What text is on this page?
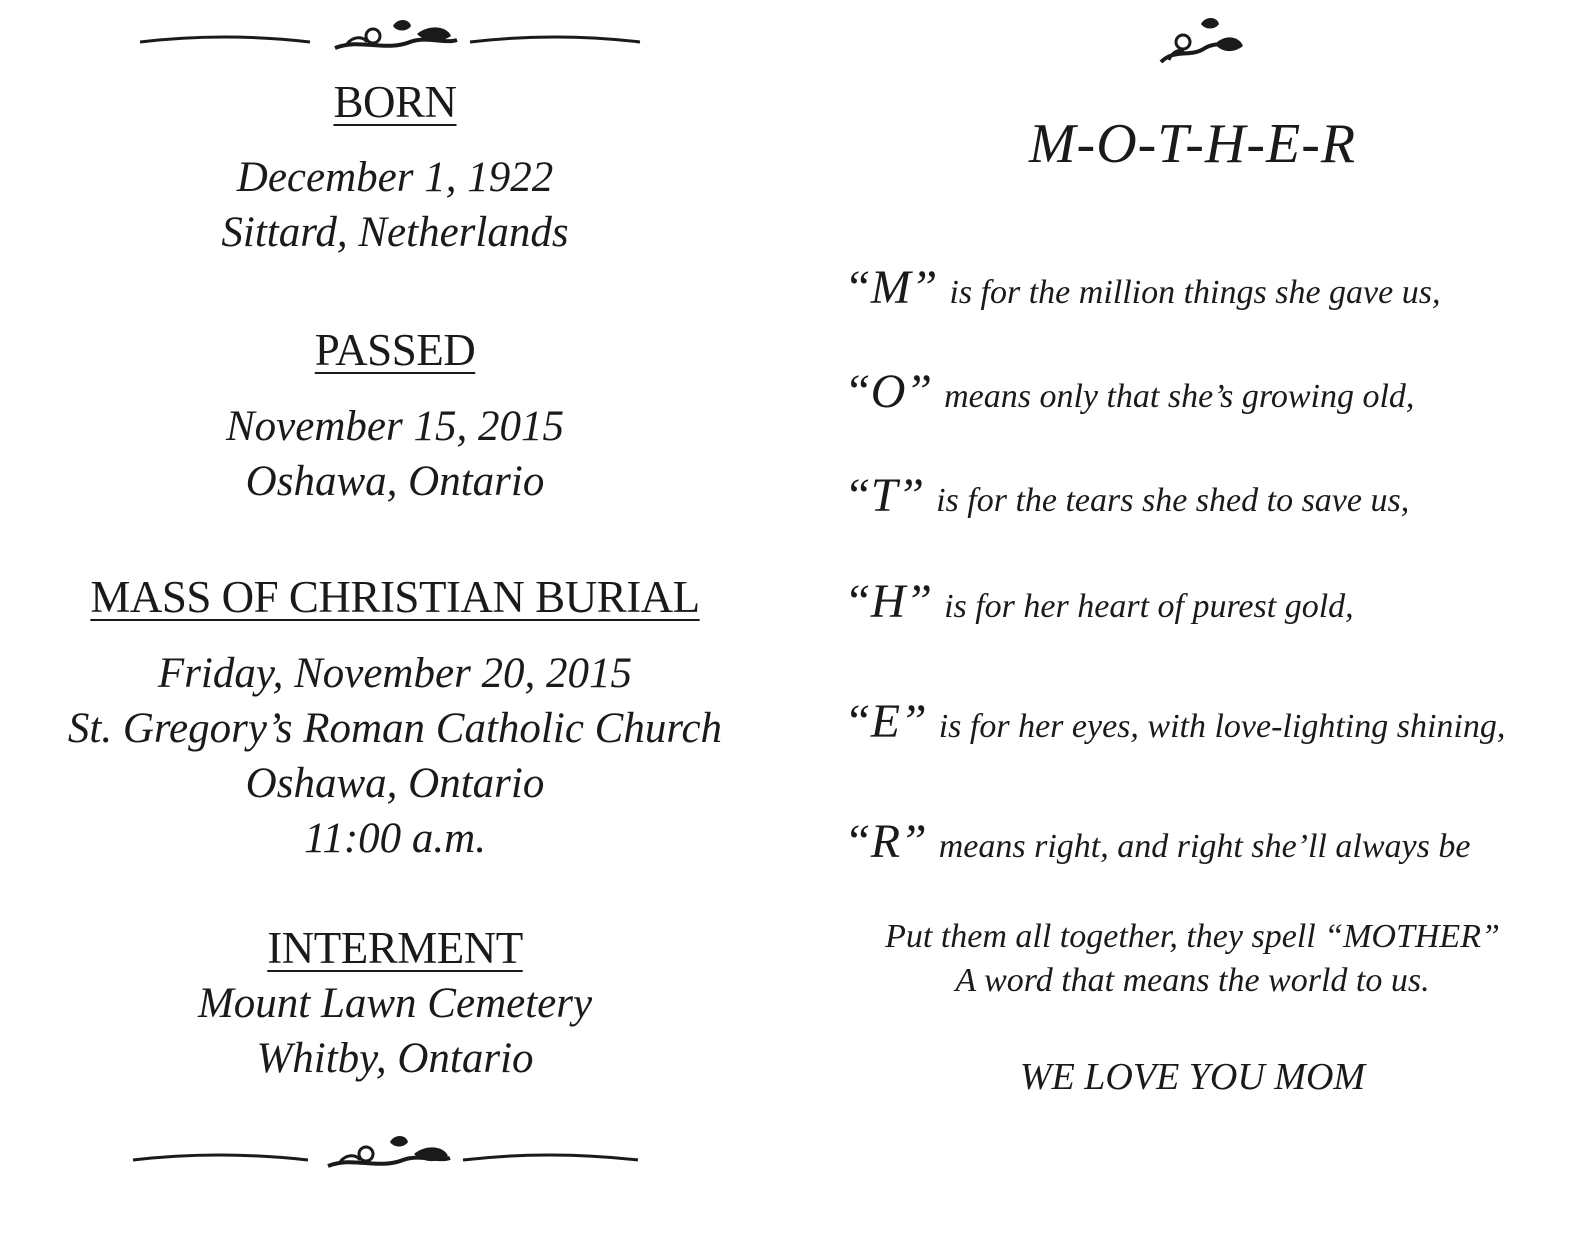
BORN
December 1, 1922
Sittard, Netherlands
PASSED
November 15, 2015
Oshawa, Ontario
MASS OF CHRISTIAN BURIAL
Friday, November 20, 2015
St. Gregory’s Roman Catholic Church
Oshawa, Ontario
11:00 a.m.
INTERMENT
Mount Lawn Cemetery
Whitby, Ontario
M-O-T-H-E-R
“M” is for the million things she gave us,
“O” means only that she’s growing old,
“T” is for the tears she shed to save us,
“H” is for her heart of purest gold,
“E” is for her eyes, with love-lighting shining,
“R” means right, and right she’ll always be
Put them all together, they spell “MOTHER”
A word that means the world to us.
WE LOVE YOU MOM
